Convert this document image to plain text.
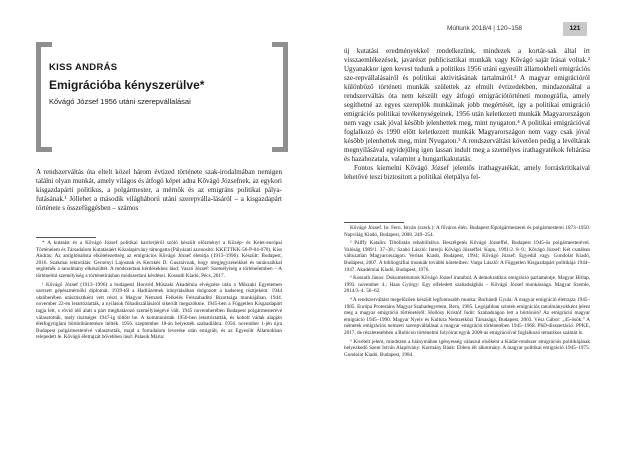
Múltunk 2018/4 | 120–158	121
KISS ANDRÁS
Emigrációba kényszerülve*
Kővágó József 1956 utáni szerepvállalásai

A rendszerváltás óta eltelt közel három évtized története szak-irodalmában nemigen találni olyan munkát, amely világos és átfogó képet adna Kővágó Józsefnek, az egykori kisgazdapárti politikus, a polgármester, a mérnök és az emigráns politikai pálya-futásának.¹ Jóllehet a második világháború utáni szerepválla-lásáról – a kisgazdapárt története s összefüggésben – számos

* A kutatást és a Kővágó József politikai karrierjéről szóló készült előzményt a Közép- és Kelet-európai Történelem és Társadalom Kutatásáért Közalapítvány támogatta (Pályázati azonosító: KKETTKK-56-P-04-070). Kiss András: Az antiglobalista elkötelezettség az emigrációs Kővágó József életútja (1913–1996). Készült: Budapest, 2016. Szakmai lektorálás: Gecsényi Lajosnak és Kecskés D. Gusztávnak, hogy megjegyzéseikkel és tanácsaikkal segítették a tanulmány elkészültét. A módszertani kérdésekhez lásd: Vaszó József: Személyiség a történelemben – A történelmi személyiség a történetírásban módszertani kérdései. Kossuth Kiadó, Pécs, 2017.

¹ Kővágó József (1913–1996) a budapesti Honvéd Műszaki Akadémia elvégzése után a Műszaki Egyetemen szerzett gépészmérnöki diplomát. 1939-től a Hadiüzemek irányításában dolgozott a hadsereg tisztjeként. 1944 októberében utásztisztként vett részt a Magyar Nemzeti Felkelés Felszabadító Bizottsága munkájában. 1944. november 22-én letartóztatták, a nyilasok főhadiszállásáról sikerült megszöknie. 1945-ben a Független Kisgazdapárt tagja lett, s rövid idő alatt a párt meghatározó személyiségévé vált. 1945 novemberében Budapest polgármesterévé választották, mely tisztséget 1947-ig töltött be. A kommunisták 1950-ben letartóztatták, és koholt vádak alapján életfogytiglani börtönbüntetésre ítélték. 1956. szeptember 18-án helyezték szabadlábra. 1956. november 1-jén újra Budapest polgármesterévé választották, majd a forradalom leverése után emigrált, és az Egyesült Államokban telepedett le. Kővágó életrajzát bővebben lásd: Palasik Mária:

új kutatási eredményekkel rendelkezünk, mindezek a kortár-sak által írt visszaemlékezések, javarészt publicisztikai munkák vagy Kővágó saját írásai voltak.² Ugyanakkor igen kevest tudunk a politikus 1956 utáni egyesült államokbeli emigrációs sze-repvállalásairól és politikai aktivitásának tartalmáról.³ A magyar emigrációról különböző történeti munkák születtek az elmúlt évtizedekben, mindazonáltal a rendszerváltás óta nem készült egy átfogó emigrációtörténeti monográfia, amely segíthetné az egyes szereplők munkáinak jobb megértését, így a politikai emigráció emigrációs politikai tevékenységeinek, 1956 után keletkezett munkák Magyarországon nem vagy csak jóval később jelenhettek meg, mint nyugaton.⁴ A politikai emigrációval foglalkozó és 1990 előtt keletkezett munkák Magyarországon nem vagy csak jóval később jelenhettek meg, mint Nyugaton.⁵ A rendszerváltást követően pedig a levéltárak megnyílásával egyidejűleg igen lassan indult meg a személyes irathagyatékok feltárása és hazahozatala, valamint a hungarikakutatás.

Fontos kiemelni Kővágó József jelentős irathagyatékát, amely forráskritikaival lehetővé teszi biztosított a politikai életpálya fel-

Kővágó József. In: Fern. István (szerk.): A főváros élén. Budapest főpolgármesterei és polgármesterei 1873–1950. Napvilág Kiadó, Budapest, 2008. 249–254.

² Pálffy Katalin: Tiltólistán rehabilitálva. Beszélgetés Kővágó Józseffel, Budapest 1945-ös polgármesterével. Valóság 1989/1. 37–38.; Szabó László: Interjú Kővágó Józseffel. Kapu, 1991/2. 8–9.; Kővágó József: Két csatában változatlan Magyarországon. Veritas Kiadó, Budapest, 1994; Kővágó József: Egyedül vagy. Gondolat Kiadó, Budapest, 2007. A bibliográfiai munkák további köteteiben: Varga László: A Független Kisgazdapárt politikája 1944–1947. Akadémiai Kiadó, Budapest, 1976.

³ Kossuth János: Dokumentumok Kővágó József irataiból. A demokratikus emigráció parlamentje. Magyar Hírlap, 1993. november 4.; Haas György: Egy elfeledett szabadsághős – Kővágó József munkássága. Magyar Szemle, 2014/3–4. 56–62.

⁴ A rendszerváltást megelőzően készült legfontosabb munka: Borbándi Gyula: A magyar emigráció életrajza 1945–1985. Európa Protestáns Magyar Szabadegyetem, Bern, 1985. Legújabban szintén emigrációs tanulmányokként jelent meg a magyar emigráció történetéről: Hollósy Kristóf Judit: Szabadságon lett a börtönön? Az emigráció magyar emigráció 1945–1990. Magyar Nyelv és Kultúra Nemzetközi Társasága, Budapest, 2003. Vész Gábor: „45-ösök.” A németek emigrációs nemzeti szerepvállalásai a magyar emigráció történetében 1945–1968. PhD-disszertáció. PPKE, 2017, de részletesebben a Rubicon történelmi folyóirat egyik 2008-as emigrációval foglalkozó tematikus számát is.

⁵ Kivételt jelent, mindezen a hiánymában igényesség válaszul elsőként a Kádár-rendszer emigrációs politikájának helyezkedő Szent István Alapítvány: Kormány Bánk: Ebben élt alkotmány. A magyar politikai emigráció 1945–1975. Gondolat Kiadó, Budapest, 1984.
